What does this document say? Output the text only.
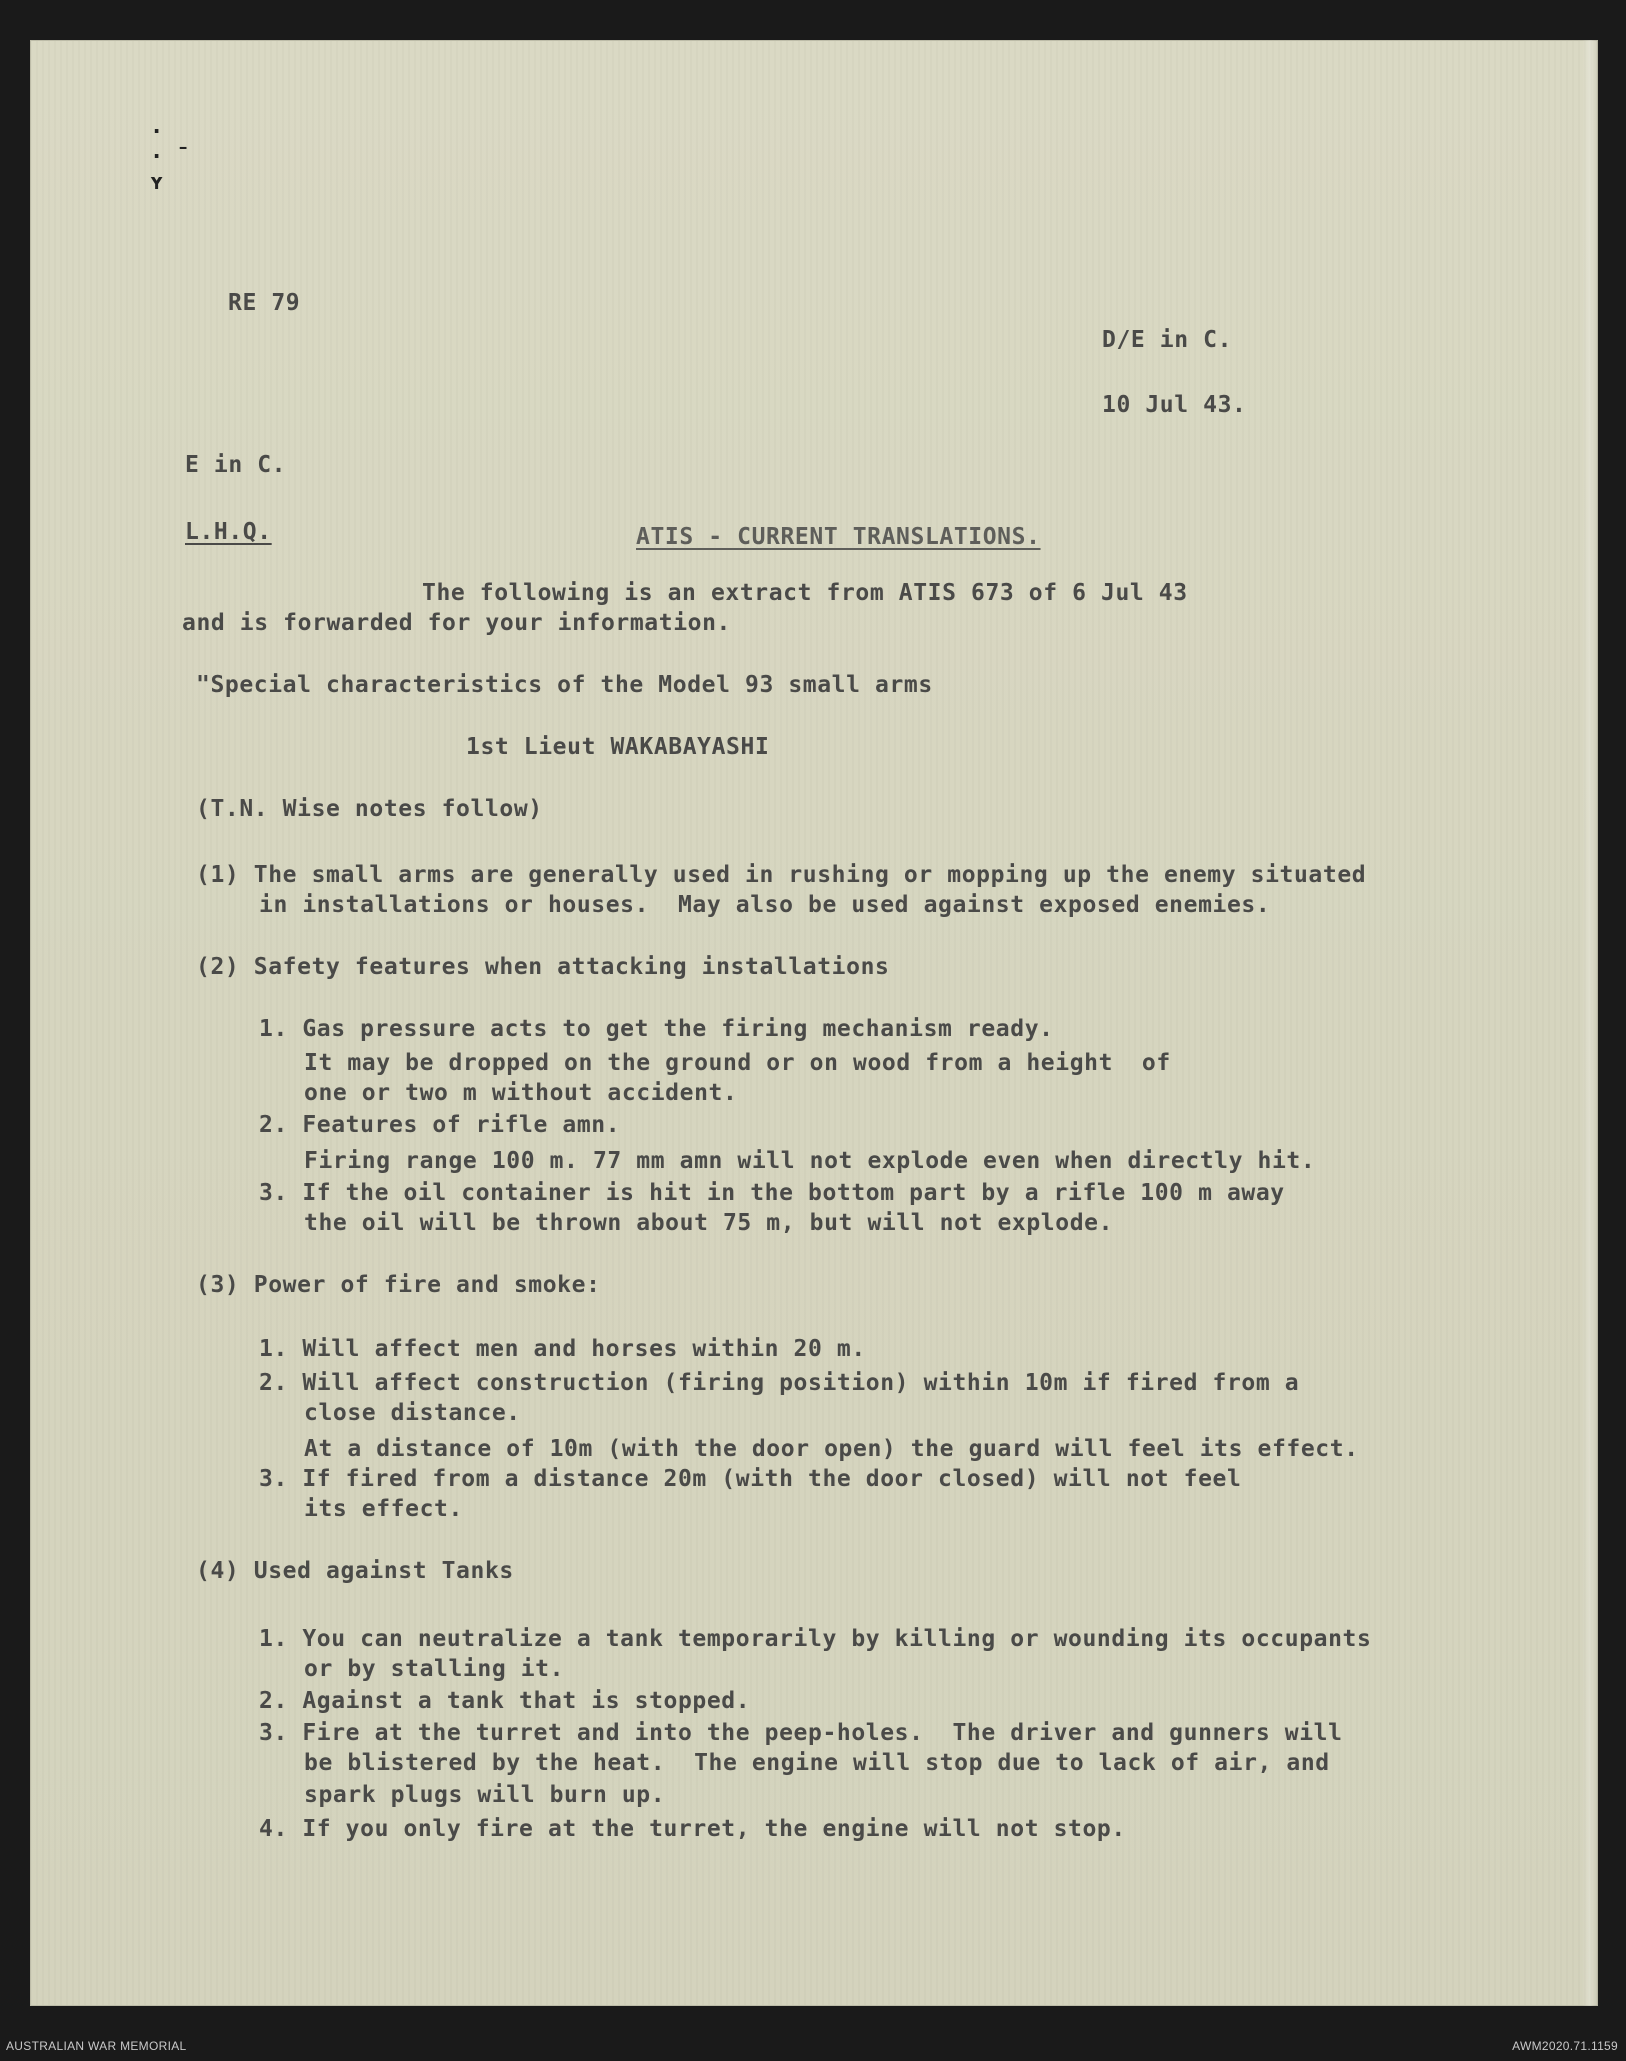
·
· ˉ
ʏ

RE 79

D/E in C.

10 Jul 43.

E in C.

L.H.Q.	ATIS - CURRENT TRANSLATIONS.

The following is an extract from ATIS 673 of 6 Jul 43

and is forwarded for your information.

"Special characteristics of the Model 93 small arms

1st Lieut WAKABAYASHI

(T.N. Wise notes follow)

(1) The small arms are generally used in rushing or mopping up the enemy situated

in installations or houses.  May also be used against exposed enemies.

(2) Safety features when attacking installations

1. Gas pressure acts to get the firing mechanism ready.

It may be dropped on the ground or on wood from a height  of

one or two m without accident.

2. Features of rifle amn.

Firing range 100 m. 77 mm amn will not explode even when directly hit.

3. If the oil container is hit in the bottom part by a rifle 100 m away

the oil will be thrown about 75 m, but will not explode.

(3) Power of fire and smoke:

1. Will affect men and horses within 20 m.

2. Will affect construction (firing position) within 10m if fired from a

close distance.

At a distance of 10m (with the door open) the guard will feel its effect.

3. If fired from a distance 20m (with the door closed) will not feel

its effect.

(4) Used against Tanks

1. You can neutralize a tank temporarily by killing or wounding its occupants

or by stalling it.

2. Against a tank that is stopped.

3. Fire at the turret and into the peep-holes.  The driver and gunners will

be blistered by the heat.  The engine will stop due to lack of air, and

spark plugs will burn up.

4. If you only fire at the turret, the engine will not stop.

AUSTRALIAN WAR MEMORIAL	AWM2020.71.1159
